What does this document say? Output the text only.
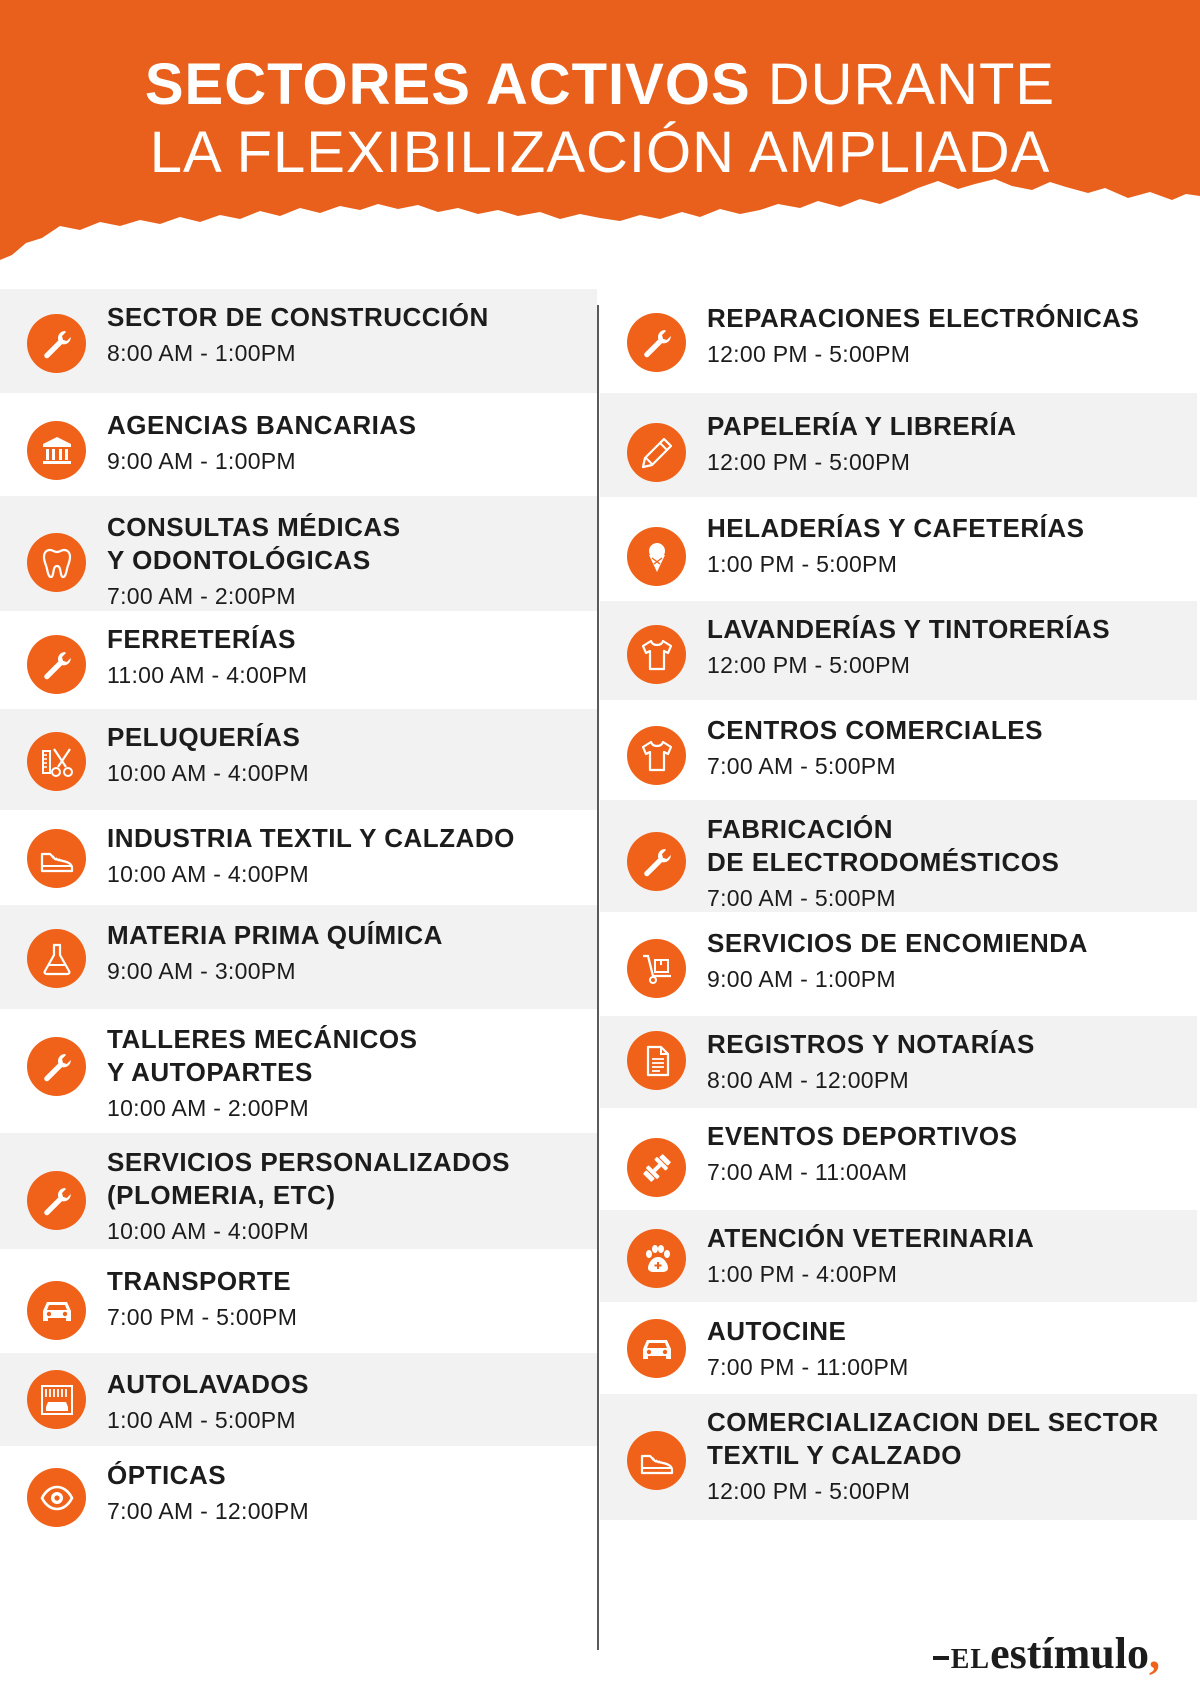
SECTORES ACTIVOS DURANTE
LA FLEXIBILIZACIÓN AMPLIADA
SECTOR DE CONSTRUCCIÓN
8:00 AM - 1:00PM
AGENCIAS BANCARIAS
9:00 AM - 1:00PM
CONSULTAS MÉDICAS
Y ODONTOLÓGICAS
7:00 AM - 2:00PM
FERRETERÍAS
11:00 AM - 4:00PM
PELUQUERÍAS
10:00 AM - 4:00PM
INDUSTRIA TEXTIL Y CALZADO
10:00 AM - 4:00PM
MATERIA PRIMA QUÍMICA
9:00 AM - 3:00PM
TALLERES MECÁNICOS
Y AUTOPARTES
10:00 AM - 2:00PM
SERVICIOS PERSONALIZADOS
(PLOMERIA, ETC)
10:00 AM - 4:00PM
TRANSPORTE
7:00 PM - 5:00PM
AUTOLAVADOS
1:00 AM - 5:00PM
ÓPTICAS
7:00 AM - 12:00PM
REPARACIONES ELECTRÓNICAS
12:00 PM - 5:00PM
PAPELERÍA Y LIBRERÍA
12:00 PM - 5:00PM
HELADERÍAS Y CAFETERÍAS
1:00 PM - 5:00PM
LAVANDERÍAS Y TINTORERÍAS
12:00 PM - 5:00PM
CENTROS COMERCIALES
7:00 AM - 5:00PM
FABRICACIÓN
DE ELECTRODOMÉSTICOS
7:00 AM - 5:00PM
SERVICIOS DE ENCOMIENDA
9:00 AM - 1:00PM
REGISTROS Y NOTARÍAS
8:00 AM - 12:00PM
EVENTOS DEPORTIVOS
7:00 AM - 11:00AM
ATENCIÓN VETERINARIA
1:00 PM - 4:00PM
AUTOCINE
7:00 PM - 11:00PM
COMERCIALIZACION DEL SECTOR
TEXTIL Y CALZADO
12:00 PM - 5:00PM
ELestímulo,
